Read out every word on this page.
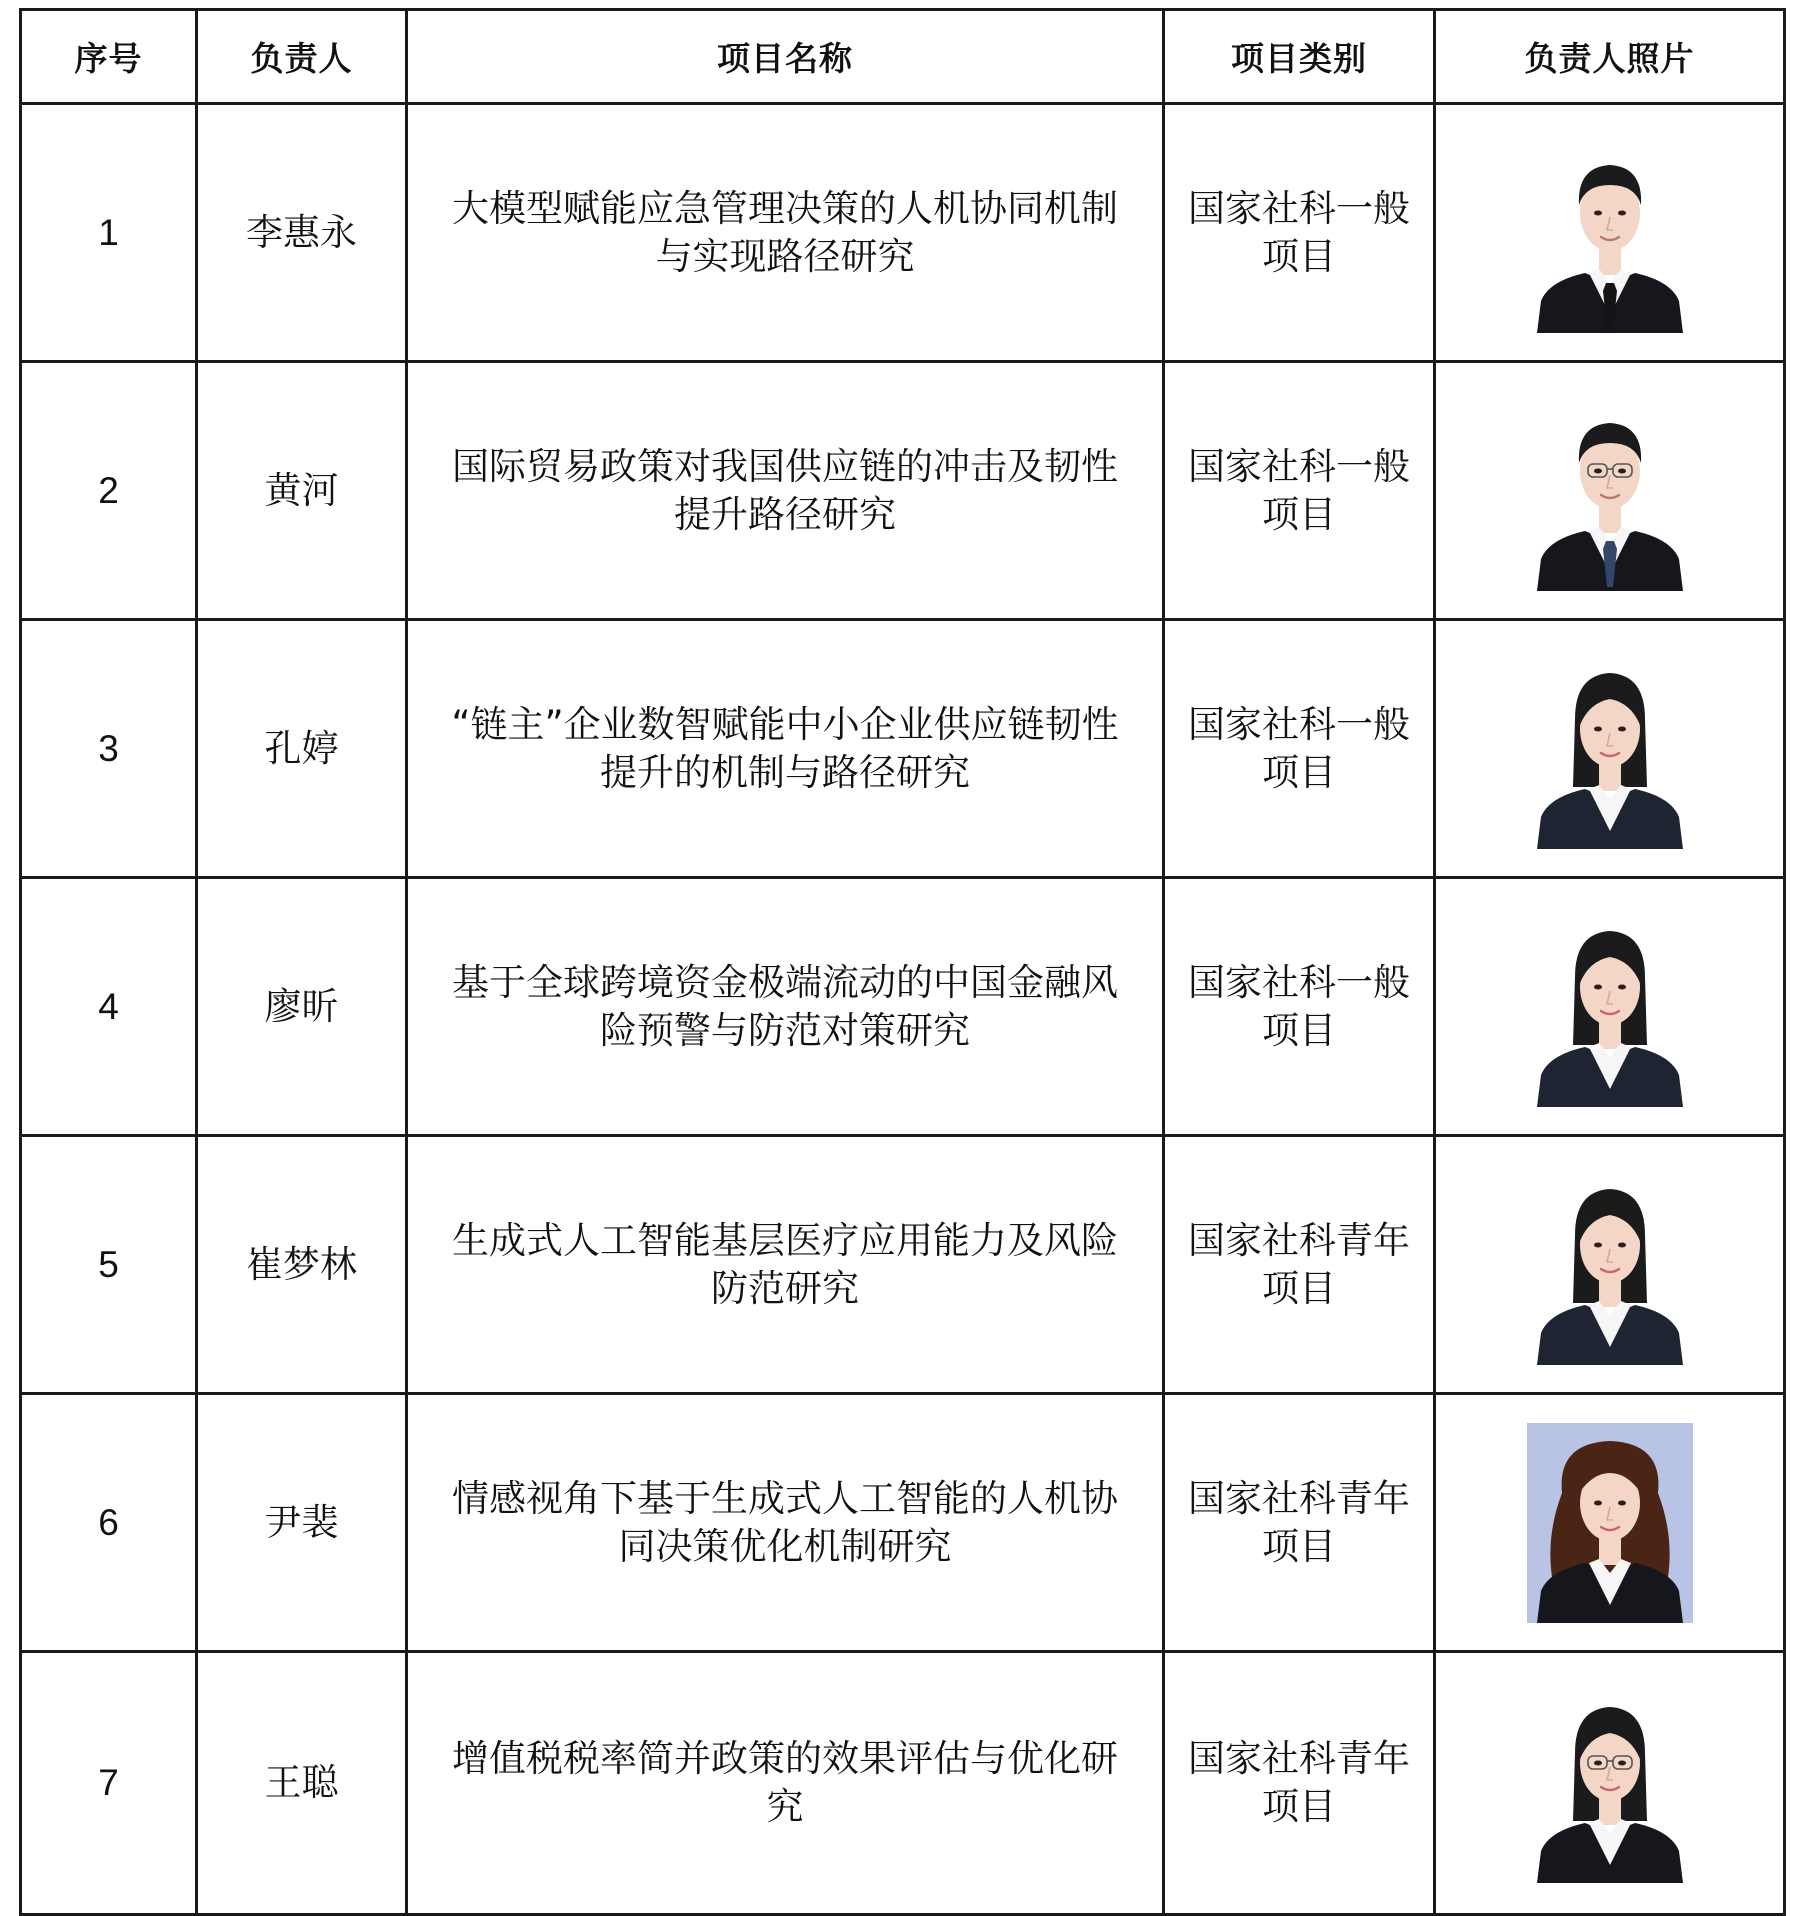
序号	负责人	项目名称	项目类别	负责人照片
1	李惠永	大模型赋能应急管理决策的人机协同机制与实现路径研究	国家社科一般项目	

2	黄河	国际贸易政策对我国供应链的冲击及韧性提升路径研究	国家社科一般项目	

3	孔婷	“链主”企业数智赋能中小企业供应链韧性提升的机制与路径研究	国家社科一般项目	

4	廖昕	基于全球跨境资金极端流动的中国金融风险预警与防范对策研究	国家社科一般项目	

5	崔梦林	生成式人工智能基层医疗应用能力及风险防范研究	国家社科青年项目	

6	尹裴	情感视角下基于生成式人工智能的人机协同决策优化机制研究	国家社科青年项目	

7	王聪	增值税税率简并政策的效果评估与优化研究	国家社科青年项目	
